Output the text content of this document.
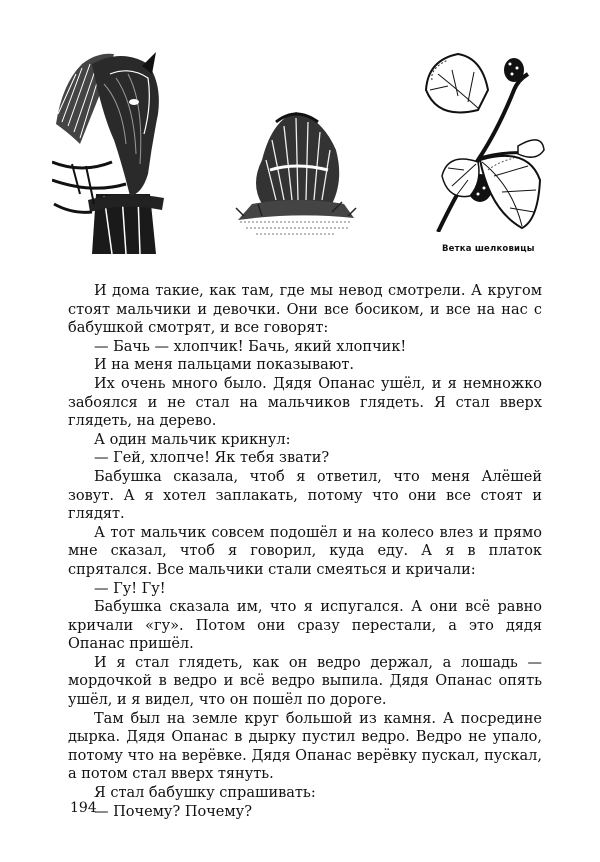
Ветка шелковицы

И дома такие, как там, где мы невод смотрели. А кругом стоят мальчики и девочки. Они все босиком, и все на нас с бабушкой смотрят, и все говорят:

— Бачь — хлопчик! Бачь, який хлопчик!

И на меня пальцами показывают.

Их очень много было. Дядя Опанас ушёл, и я немножко забоялся и не стал на мальчиков глядеть. Я стал вверх глядеть, на дерево.

А один мальчик крикнул:

— Гей, хлопче! Як тебя звати?

Бабушка сказала, чтоб я ответил, что меня Алёшей зовут. А я хотел заплакать, потому что они все стоят и глядят.

А тот мальчик совсем подошёл и на колесо влез и прямо мне сказал, чтоб я говорил, куда еду. А я в платок спрятался. Все мальчики стали смеяться и кричали:

— Гу! Гу!

Бабушка сказала им, что я испугался. А они всё равно кричали «гу». Потом они сразу перестали, а это дядя Опанас пришёл.

И я стал глядеть, как он ведро держал, а лошадь — мордочкой в ведро и всё ведро выпила. Дядя Опанас опять ушёл, и я видел, что он пошёл по дороге.

Там был на земле круг большой из камня. А посредине дырка. Дядя Опанас в дырку пустил ведро. Ведро не упало, потому что на верёвке. Дядя Опанас верёвку пускал, пускал, а потом стал вверх тянуть.

Я стал бабушку спрашивать:

— Почему? Почему?

194
